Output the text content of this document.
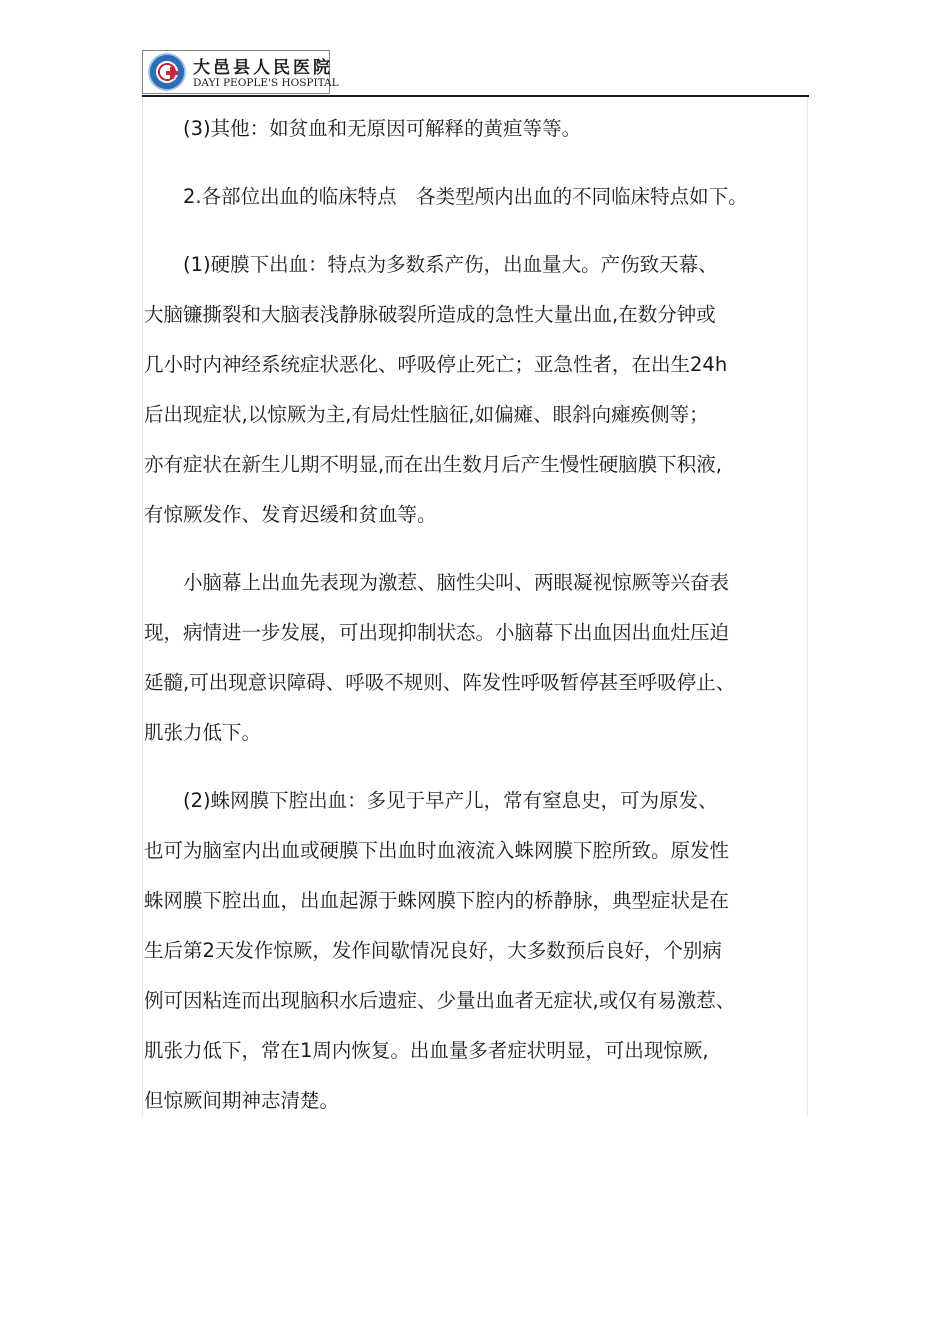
大邑县人民医院
DAYI PEOPLE'S HOSPITAL

(3)其他：如贫血和无原因可解释的黄疸等等。

2.各部位出血的临床特点　各类型颅内出血的不同临床特点如下。

(1)硬膜下出血：特点为多数系产伤，出血量大。产伤致天幕、
大脑镰撕裂和大脑表浅静脉破裂所造成的急性大量出血,在数分钟或
几小时内神经系统症状恶化、呼吸停止死亡；亚急性者，在出生24h
后出现症状,以惊厥为主,有局灶性脑征,如偏瘫、眼斜向瘫痪侧等；
亦有症状在新生儿期不明显,而在出生数月后产生慢性硬脑膜下积液,
有惊厥发作、发育迟缓和贫血等。

小脑幕上出血先表现为激惹、脑性尖叫、两眼凝视惊厥等兴奋表
现，病情进一步发展，可出现抑制状态。小脑幕下出血因出血灶压迫
延髓,可出现意识障碍、呼吸不规则、阵发性呼吸暂停甚至呼吸停止、
肌张力低下。

(2)蛛网膜下腔出血：多见于早产儿，常有窒息史，可为原发、
也可为脑室内出血或硬膜下出血时血液流入蛛网膜下腔所致。原发性
蛛网膜下腔出血，出血起源于蛛网膜下腔内的桥静脉，典型症状是在
生后第2天发作惊厥，发作间歇情况良好，大多数预后良好，个别病
例可因粘连而出现脑积水后遗症、少量出血者无症状,或仅有易激惹、
肌张力低下，常在1周内恢复。出血量多者症状明显，可出现惊厥,
但惊厥间期神志清楚。
